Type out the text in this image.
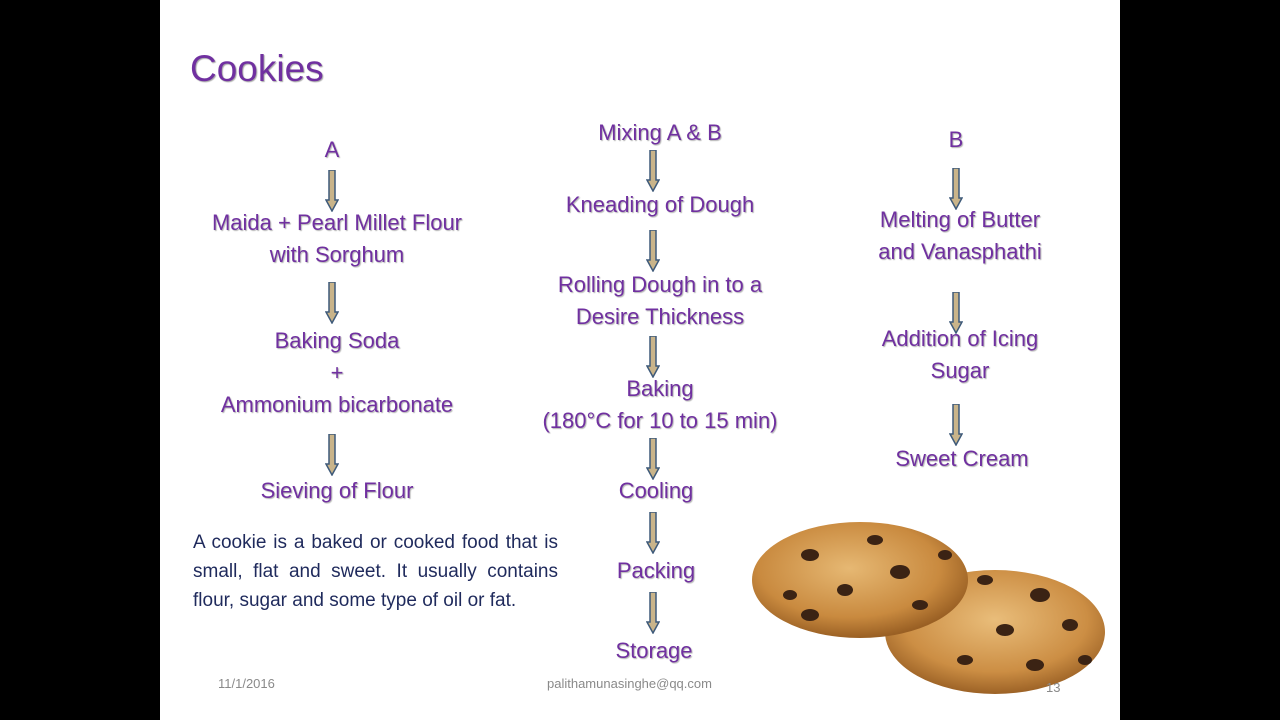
Cookies
A
Maida + Pearl Millet Flour
with Sorghum
Baking Soda
+
Ammonium bicarbonate
Sieving of Flour
Mixing A & B
Kneading of Dough
Rolling Dough in to a
Desire Thickness
Baking
(180°C for 10 to 15 min)
Cooling
Packing
Storage
B
Melting of Butter
and Vanasphathi
Addition of Icing
Sugar
Sweet Cream
A cookie is a baked or cooked food that is small, flat and sweet. It usually contains flour, sugar and some type of oil or fat.
11/1/2016	palithamunasinghe@qq.com	13
